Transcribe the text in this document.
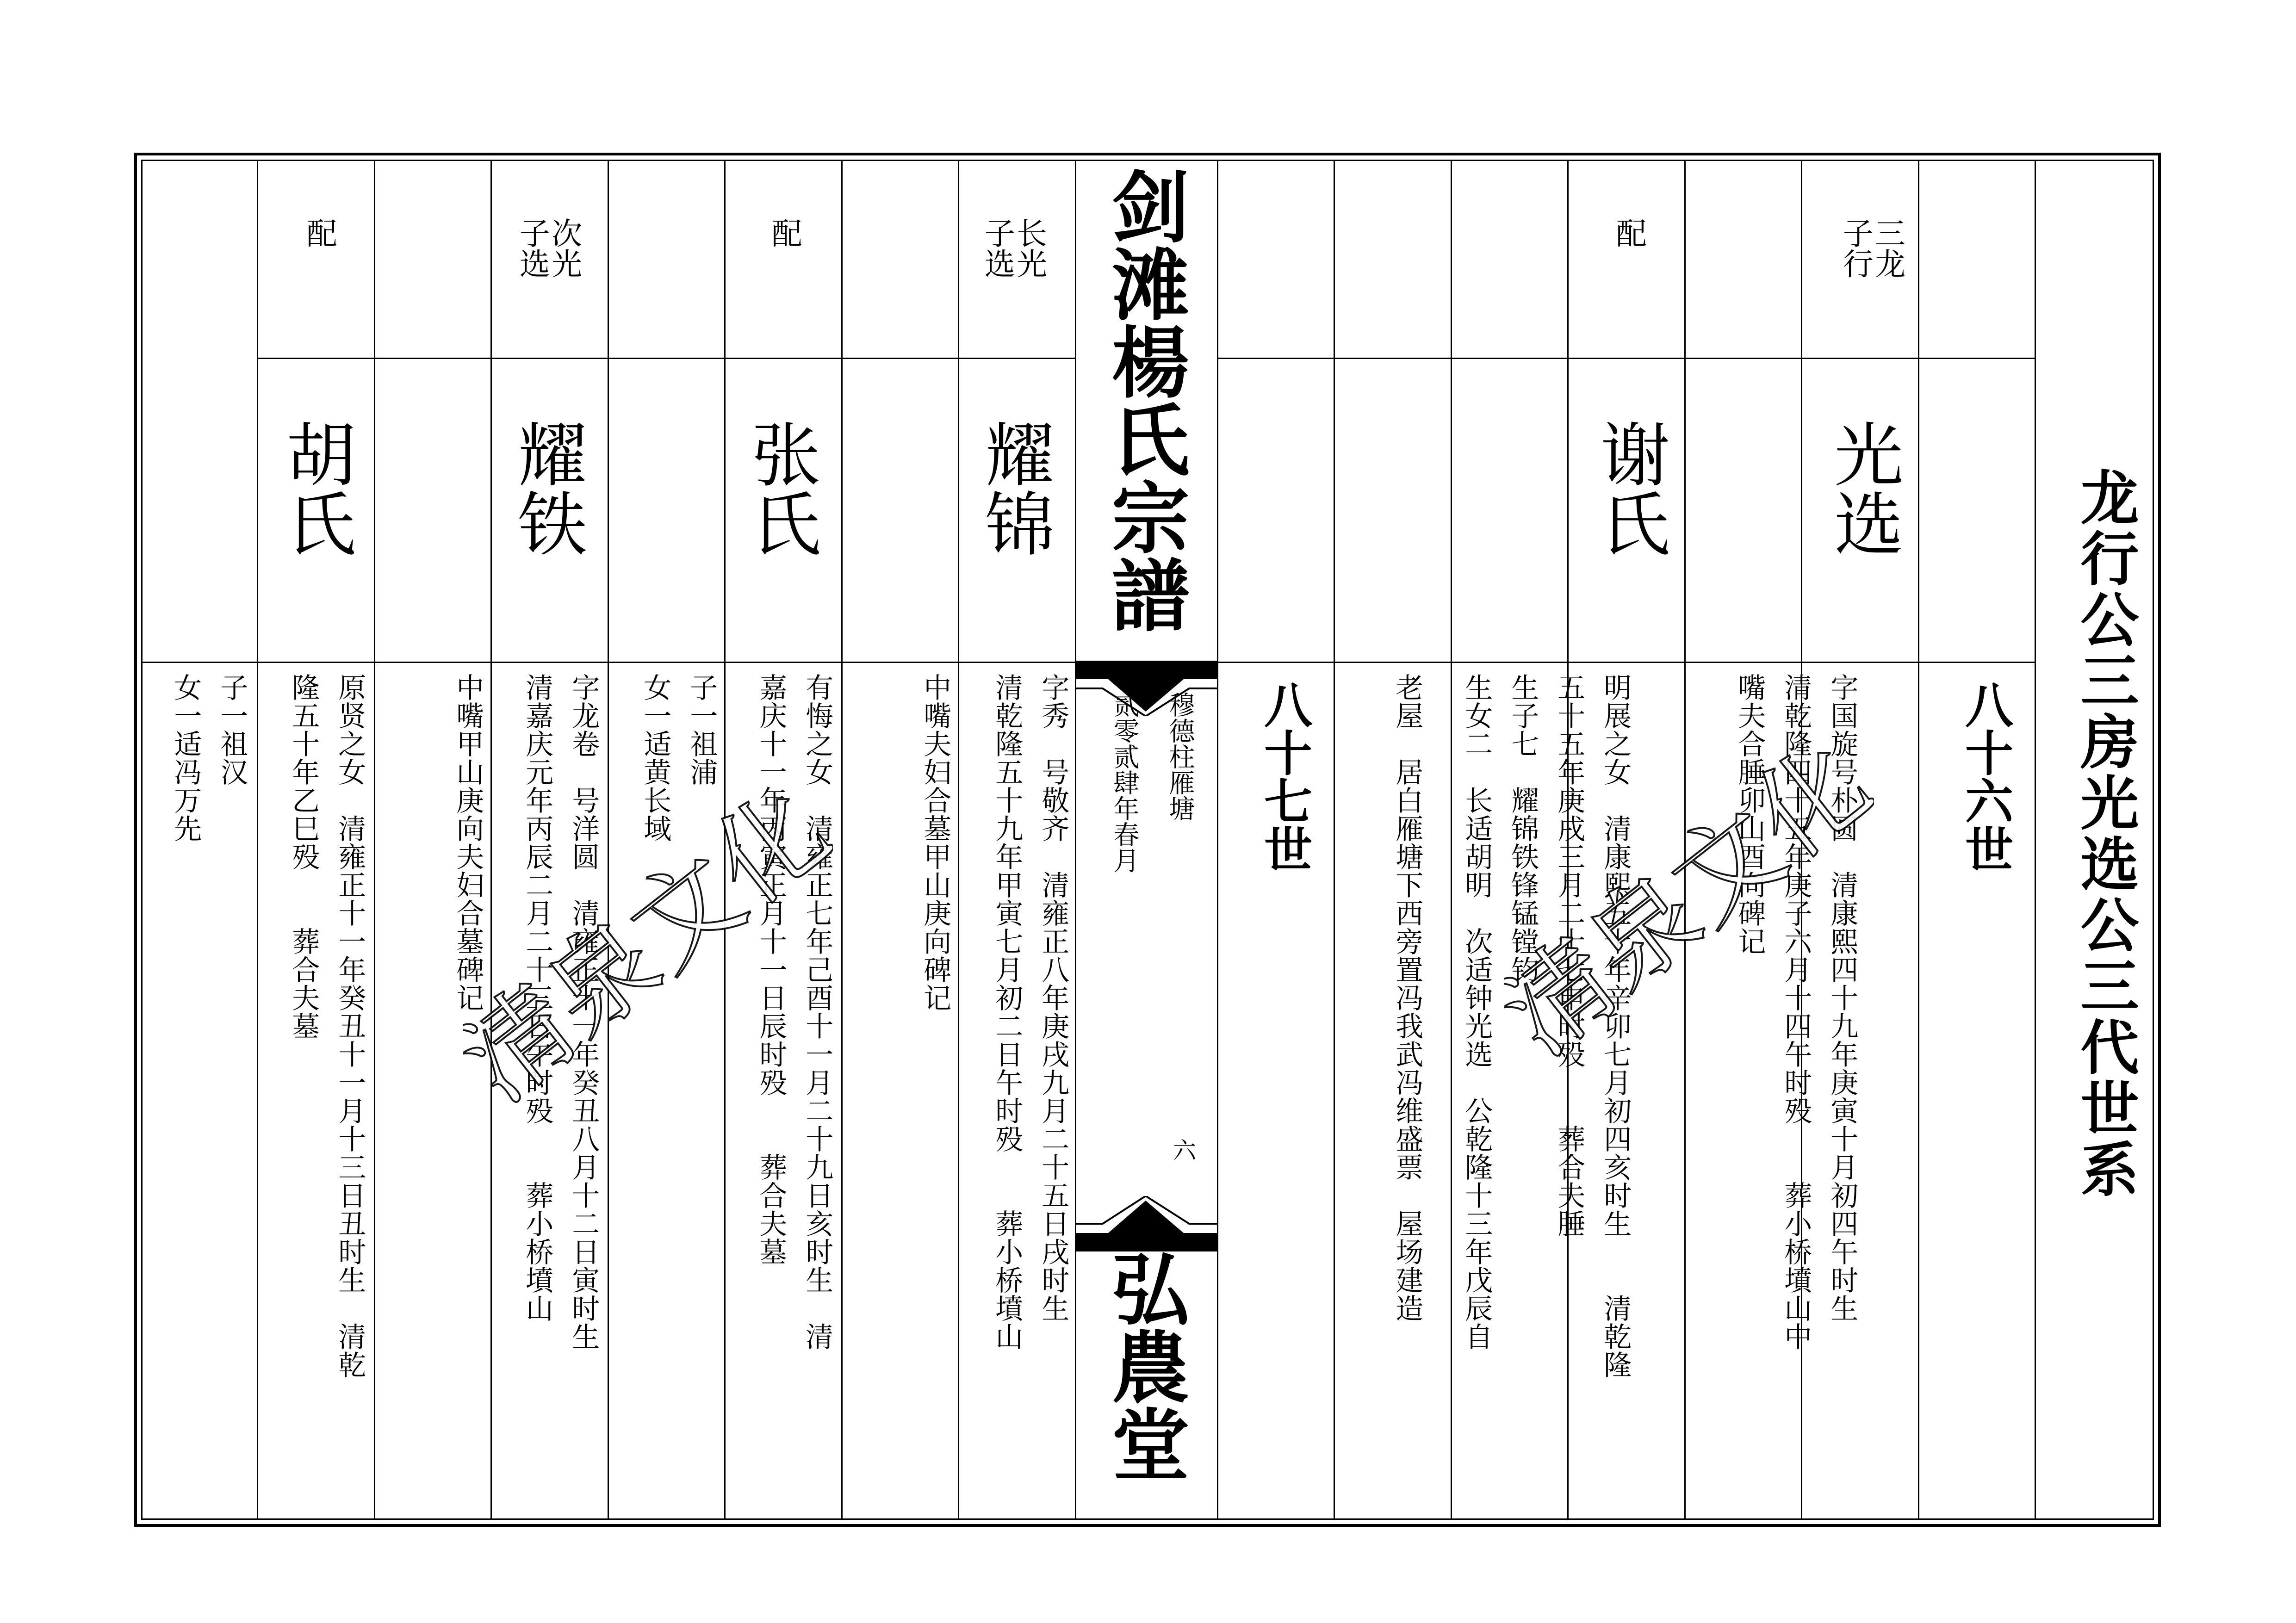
龙行公三房光选公三代世系
八十六世
八十七世
剑滩楊氏宗譜
穆德柱雁塘
贰零贰肆年春月
六
弘農堂
三龙
子行
光选
字国旋号朴圆　清康熙四十九年庚寅十月初四午时生
清乾隆四十五年庚子六月十四午时殁　　葬小桥墳山中
嘴夫合腄卯山酉向碑记
配
谢氏
明展之女　清康熙五十年辛卯七月初四亥时生　　清乾隆
五十五年庚戌三月二十七申时殁　　葬合夫腄
生子七　耀锦铁锋锰镗钧
生女二　长适胡明　次适钟光选　公乾隆十三年戊辰自
老屋　居白雁塘下西旁置冯我武冯维盛票　屋场建造
长光
子选
耀锦
字秀　号敬齐　清雍正八年庚戌九月二十五日戌时生
清乾隆五十九年甲寅七月初二日午时殁　　葬小桥墳山
中嘴夫妇合墓甲山庚向碑记
配
张氏
有悔之女　清雍正七年己酉十一月二十九日亥时生　清
嘉庆十一年丙寅正月十一日辰时殁　　葬合夫墓
子一祖浦
女一适黄长域
次光
子选
耀铁
字龙卷　号洋圆　清雍正十一年癸丑八月十二日寅时生
清嘉庆元年丙辰二月二十三日午时殁　　葬小桥墳山
中嘴甲山庚向夫妇合墓碑记
配
胡氏
原贤之女　清雍正十一年癸丑十一月十三日丑时生　清乾
隆五十年乙巳殁　　葬合夫墓
子一祖汉
女一适冯万先
清泉文化	清泉文化
